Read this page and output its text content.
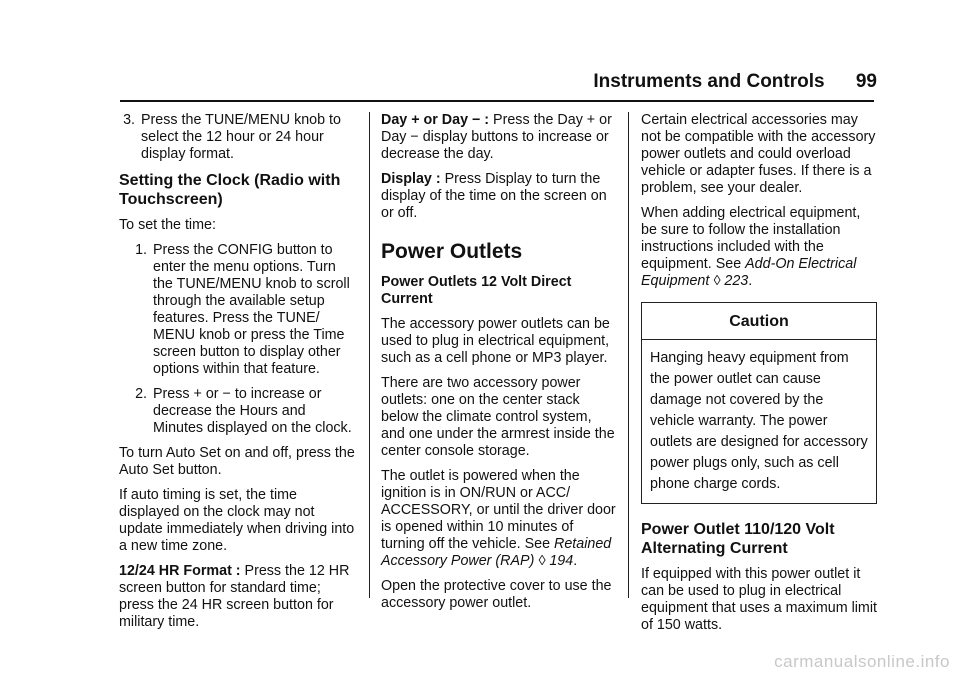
Instruments and Controls 99
3. Press the TUNE/MENU knob to select the 12 hour or 24 hour display format.
Setting the Clock (Radio with Touchscreen)

To set the time:

1. Press the CONFIG button to enter the menu options. Turn the TUNE/MENU knob to scroll through the available setup features. Press the TUNE/ MENU knob or press the Time screen button to display other options within that feature.
2. Press + or − to increase or decrease the Hours and Minutes displayed on the clock.

To turn Auto Set on and off, press the Auto Set button.

If auto timing is set, the time displayed on the clock may not update immediately when driving into a new time zone.

12/24 HR Format : Press the 12 HR screen button for standard time; press the 24 HR screen button for military time.

Day + or Day − : Press the Day + or Day − display buttons to increase or decrease the day.

Display : Press Display to turn the display of the time on the screen on or off.

Power Outlets
Power Outlets 12 Volt Direct Current

The accessory power outlets can be used to plug in electrical equipment, such as a cell phone or MP3 player.

There are two accessory power outlets: one on the center stack below the climate control system, and one under the armrest inside the center console storage.

The outlet is powered when the ignition is in ON/RUN or ACC/ ACCESSORY, or until the driver door is opened within 10 minutes of turning off the vehicle. See Retained Accessory Power (RAP) ◊ 194.

Open the protective cover to use the accessory power outlet.

Certain electrical accessories may not be compatible with the accessory power outlets and could overload vehicle or adapter fuses. If there is a problem, see your dealer.

When adding electrical equipment, be sure to follow the installation instructions included with the equipment. See Add-On Electrical Equipment ◊ 223.

Caution
Hanging heavy equipment from the power outlet can cause damage not covered by the vehicle warranty. The power outlets are designed for accessory power plugs only, such as cell phone charge cords.
Power Outlet 110/120 Volt Alternating Current

If equipped with this power outlet it can be used to plug in electrical equipment that uses a maximum limit of 150 watts.

carmanualsonline.info
